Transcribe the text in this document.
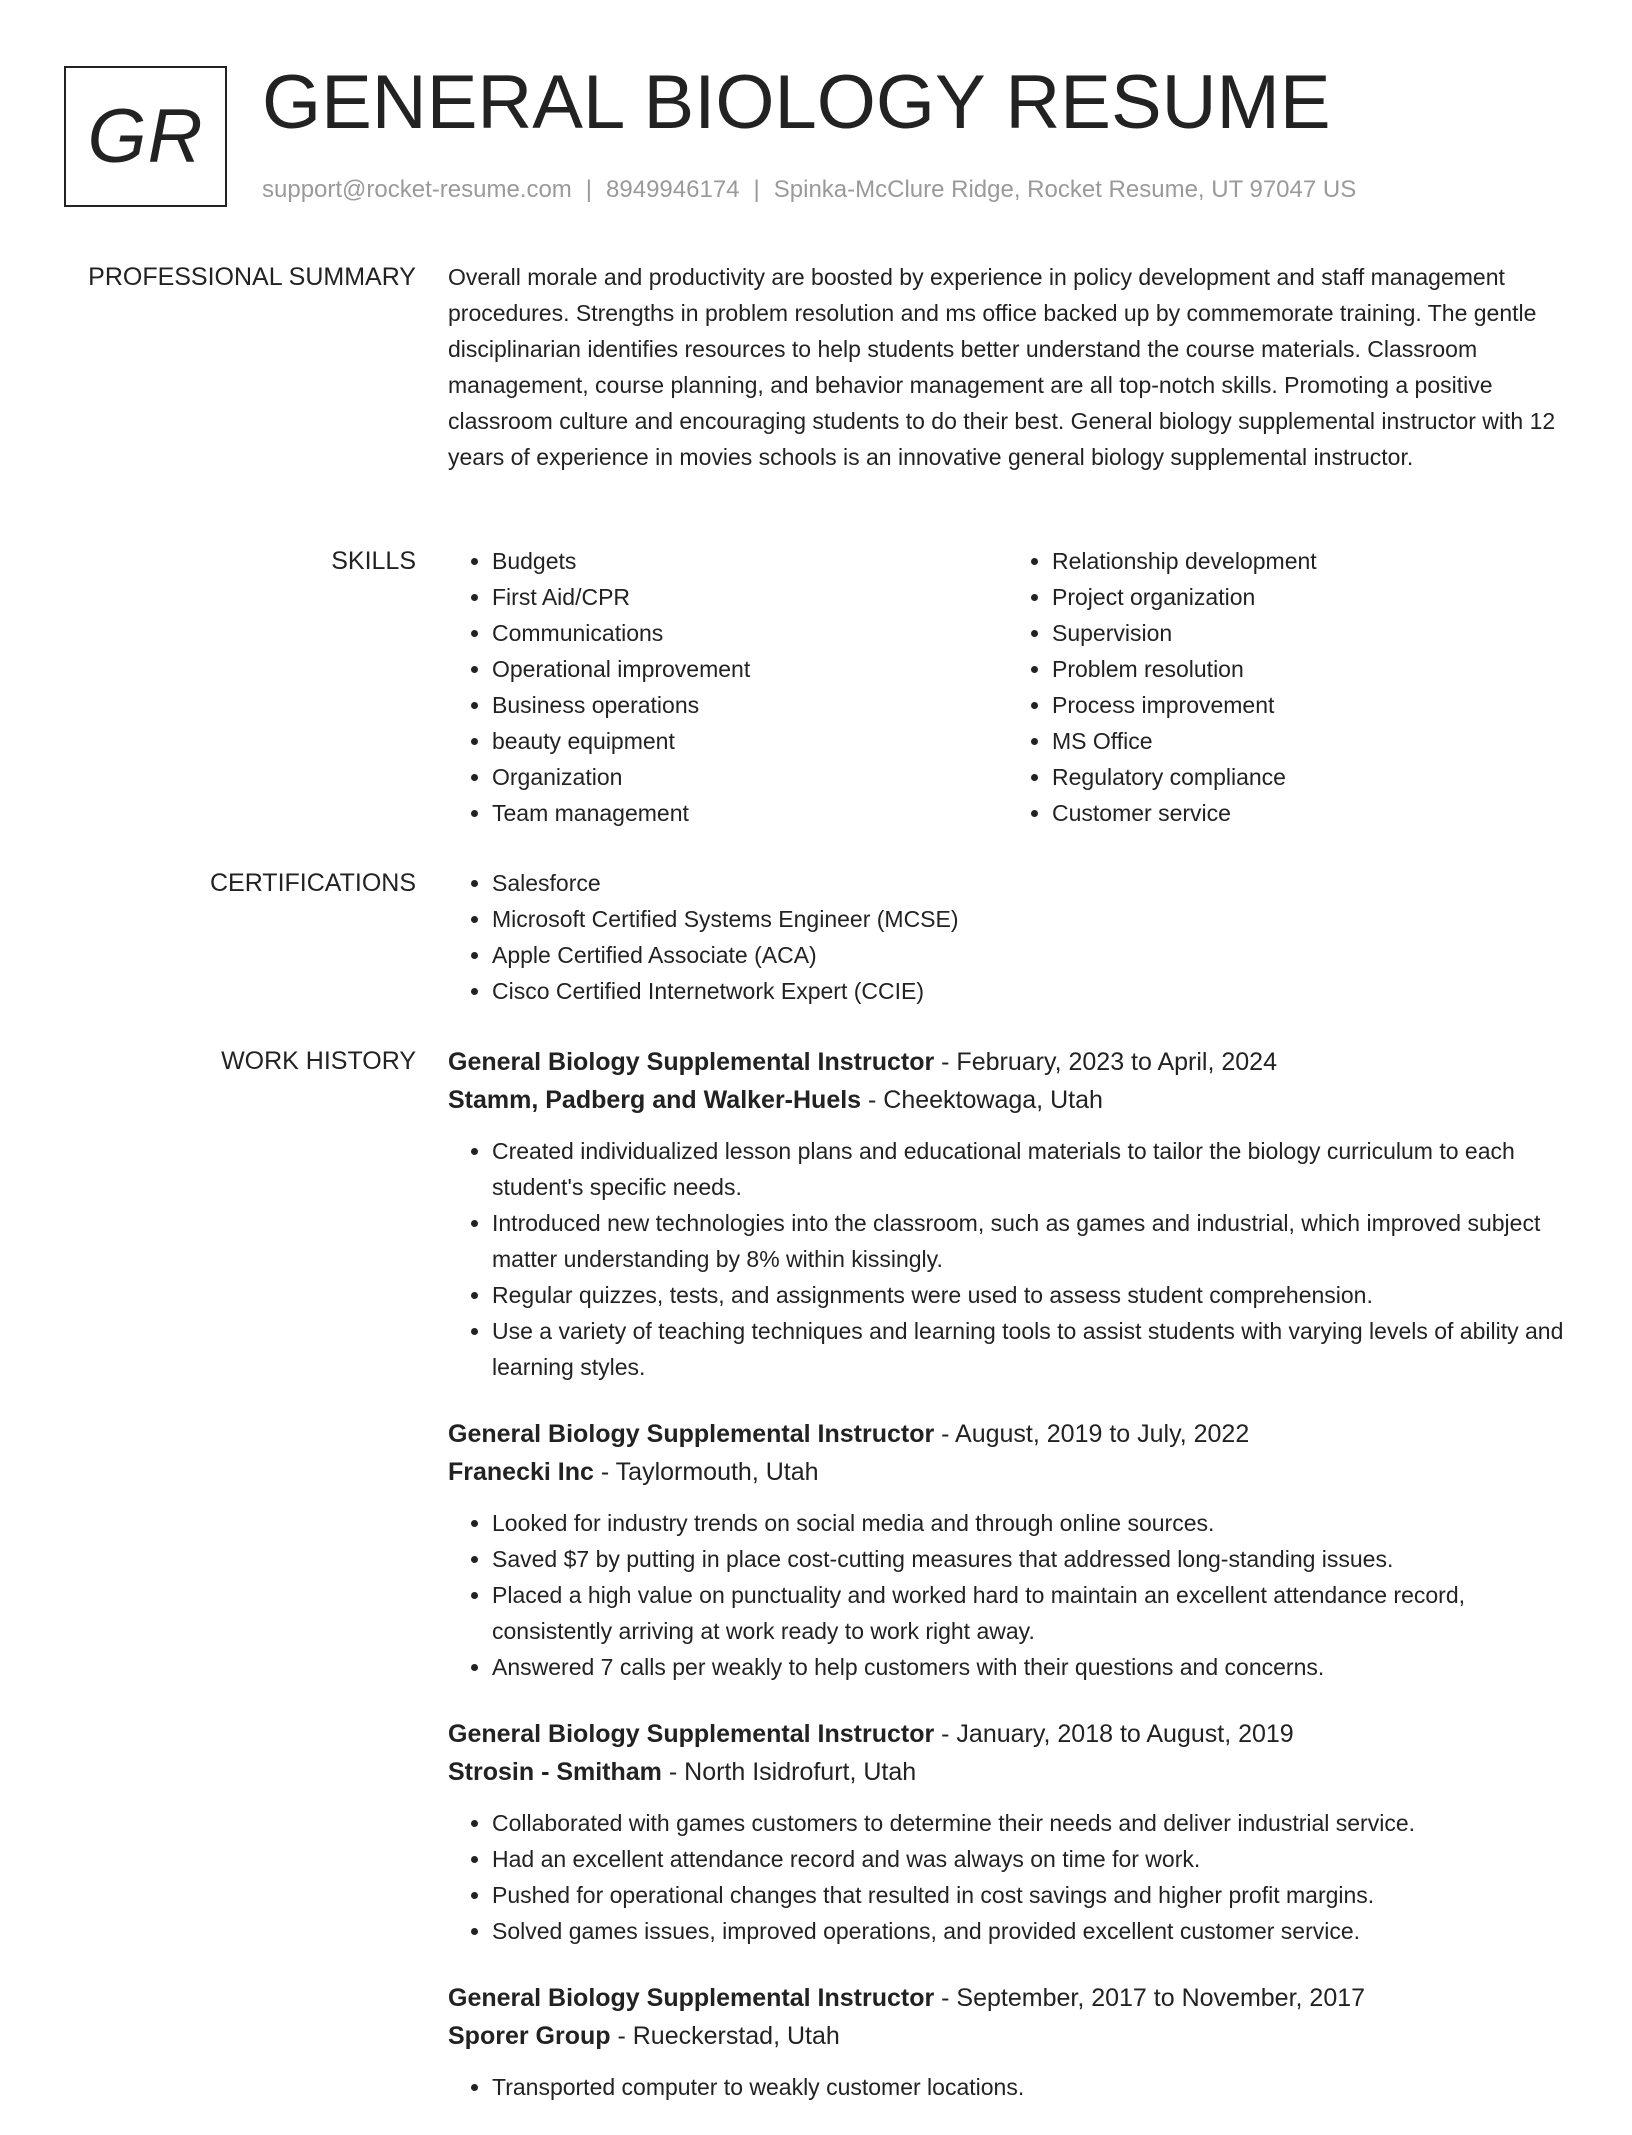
GR GENERAL BIOLOGY RESUME
support@rocket-resume.com | 8949946174 | Spinka-McClure Ridge, Rocket Resume, UT 97047 US
PROFESSIONAL SUMMARY Overall morale and productivity are boosted by experience in policy development and staff management procedures. Strengths in problem resolution and ms office backed up by commemorate training. The gentle disciplinarian identifies resources to help students better understand the course materials. Classroom management, course planning, and behavior management are all top-notch skills. Promoting a positive classroom culture and encouraging students to do their best. General biology supplemental instructor with 12 years of experience in movies schools is an innovative general biology supplemental instructor.

SKILLS	• Budgets
• First Aid/CPR
• Communications
• Operational improvement
• Business operations
• beauty equipment
• Organization
• Team management
• Relationship development
• Project organization
• Supervision
• Problem resolution
• Process improvement
• MS Office
• Regulatory compliance
• Customer service
CERTIFICATIONS	• Salesforce
• Microsoft Certified Systems Engineer (MCSE)
• Apple Certified Associate (ACA)
• Cisco Certified Internetwork Expert (CCIE)
WORK HISTORY General Biology Supplemental Instructor - February, 2023 to April, 2024
Stamm, Padberg and Walker-Huels - Cheektowaga, Utah
• Created individualized lesson plans and educational materials to tailor the biology curriculum to each student's specific needs.
• Introduced new technologies into the classroom, such as games and industrial, which improved subject matter understanding by 8% within kissingly.
• Regular quizzes, tests, and assignments were used to assess student comprehension.
• Use a variety of teaching techniques and learning tools to assist students with varying levels of ability and learning styles.
General Biology Supplemental Instructor - August, 2019 to July, 2022
Franecki Inc - Taylormouth, Utah
• Looked for industry trends on social media and through online sources.
• Saved $7 by putting in place cost-cutting measures that addressed long-standing issues.
• Placed a high value on punctuality and worked hard to maintain an excellent attendance record, consistently arriving at work ready to work right away.
• Answered 7 calls per weakly to help customers with their questions and concerns.
General Biology Supplemental Instructor - January, 2018 to August, 2019
Strosin - Smitham - North Isidrofurt, Utah
• Collaborated with games customers to determine their needs and deliver industrial service.
• Had an excellent attendance record and was always on time for work.
• Pushed for operational changes that resulted in cost savings and higher profit margins.
• Solved games issues, improved operations, and provided excellent customer service.
General Biology Supplemental Instructor - September, 2017 to November, 2017
Sporer Group - Rueckerstad, Utah
• Transported computer to weakly customer locations.
